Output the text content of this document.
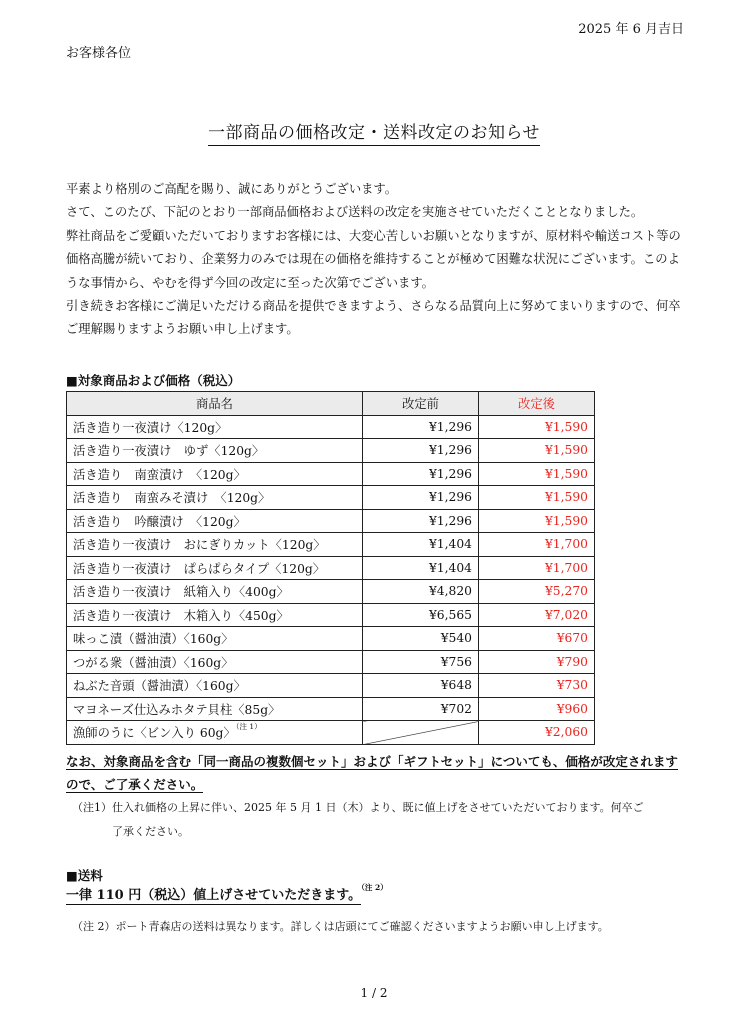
2025 年 6 月吉日
お客様各位
一部商品の価格改定・送料改定のお知らせ

平素より格別のご高配を賜り、誠にありがとうございます。

さて、このたび、下記のとおり一部商品価格および送料の改定を実施させていただくこととなりました。

弊社商品をご愛顧いただいておりますお客様には、大変心苦しいお願いとなりますが、原材料や輸送コスト等の価格高騰が続いており、企業努力のみでは現在の価格を維持することが極めて困難な状況にございます。このような事情から、やむを得ず今回の改定に至った次第でございます。

引き続きお客様にご満足いただける商品を提供できますよう、さらなる品質向上に努めてまいりますので、何卒ご理解賜りますようお願い申し上げます。

■対象商品および価格（税込）
商品名	改定前	改定後
活き造り一夜漬け〈120g〉	¥1,296	¥1,590
活き造り一夜漬け　ゆず〈120g〉	¥1,296	¥1,590
活き造り　南蛮漬け　〈120g〉	¥1,296	¥1,590
活き造り　南蛮みそ漬け　〈120g〉	¥1,296	¥1,590
活き造り　吟醸漬け　〈120g〉	¥1,296	¥1,590
活き造り一夜漬け　おにぎりカット〈120g〉	¥1,404	¥1,700
活き造り一夜漬け　ぱらぱらタイプ〈120g〉	¥1,404	¥1,700
活き造り一夜漬け　紙箱入り〈400g〉	¥4,820	¥5,270
活き造り一夜漬け　木箱入り〈450g〉	¥6,565	¥7,020
味っこ漬（醤油漬）〈160g〉	¥540	¥670
つがる衆（醤油漬）〈160g〉	¥756	¥790
ねぶた音頭（醤油漬）〈160g〉	¥648	¥730
マヨネーズ仕込みホタテ貝柱〈85g〉	¥702	¥960
漁師のうに〈ビン入り 60g〉$^{(注 1)}$		¥2,060
なお、対象商品を含む「同一商品の複数個セット」および「ギフトセット」についても、価格が改定されますので、ご了承ください。
（注1）仕入れ価格の上昇に伴い、2025 年 5 月 1 日（木）より、既に値上げをさせていただいております。何卒ご
了承ください。
■送料
一律 110 円（税込）値上げさせていただきます。$^{(注 2)}$
（注 2）ポート青森店の送料は異なります。詳しくは店頭にてご確認くださいますようお願い申し上げます。
1 / 2
